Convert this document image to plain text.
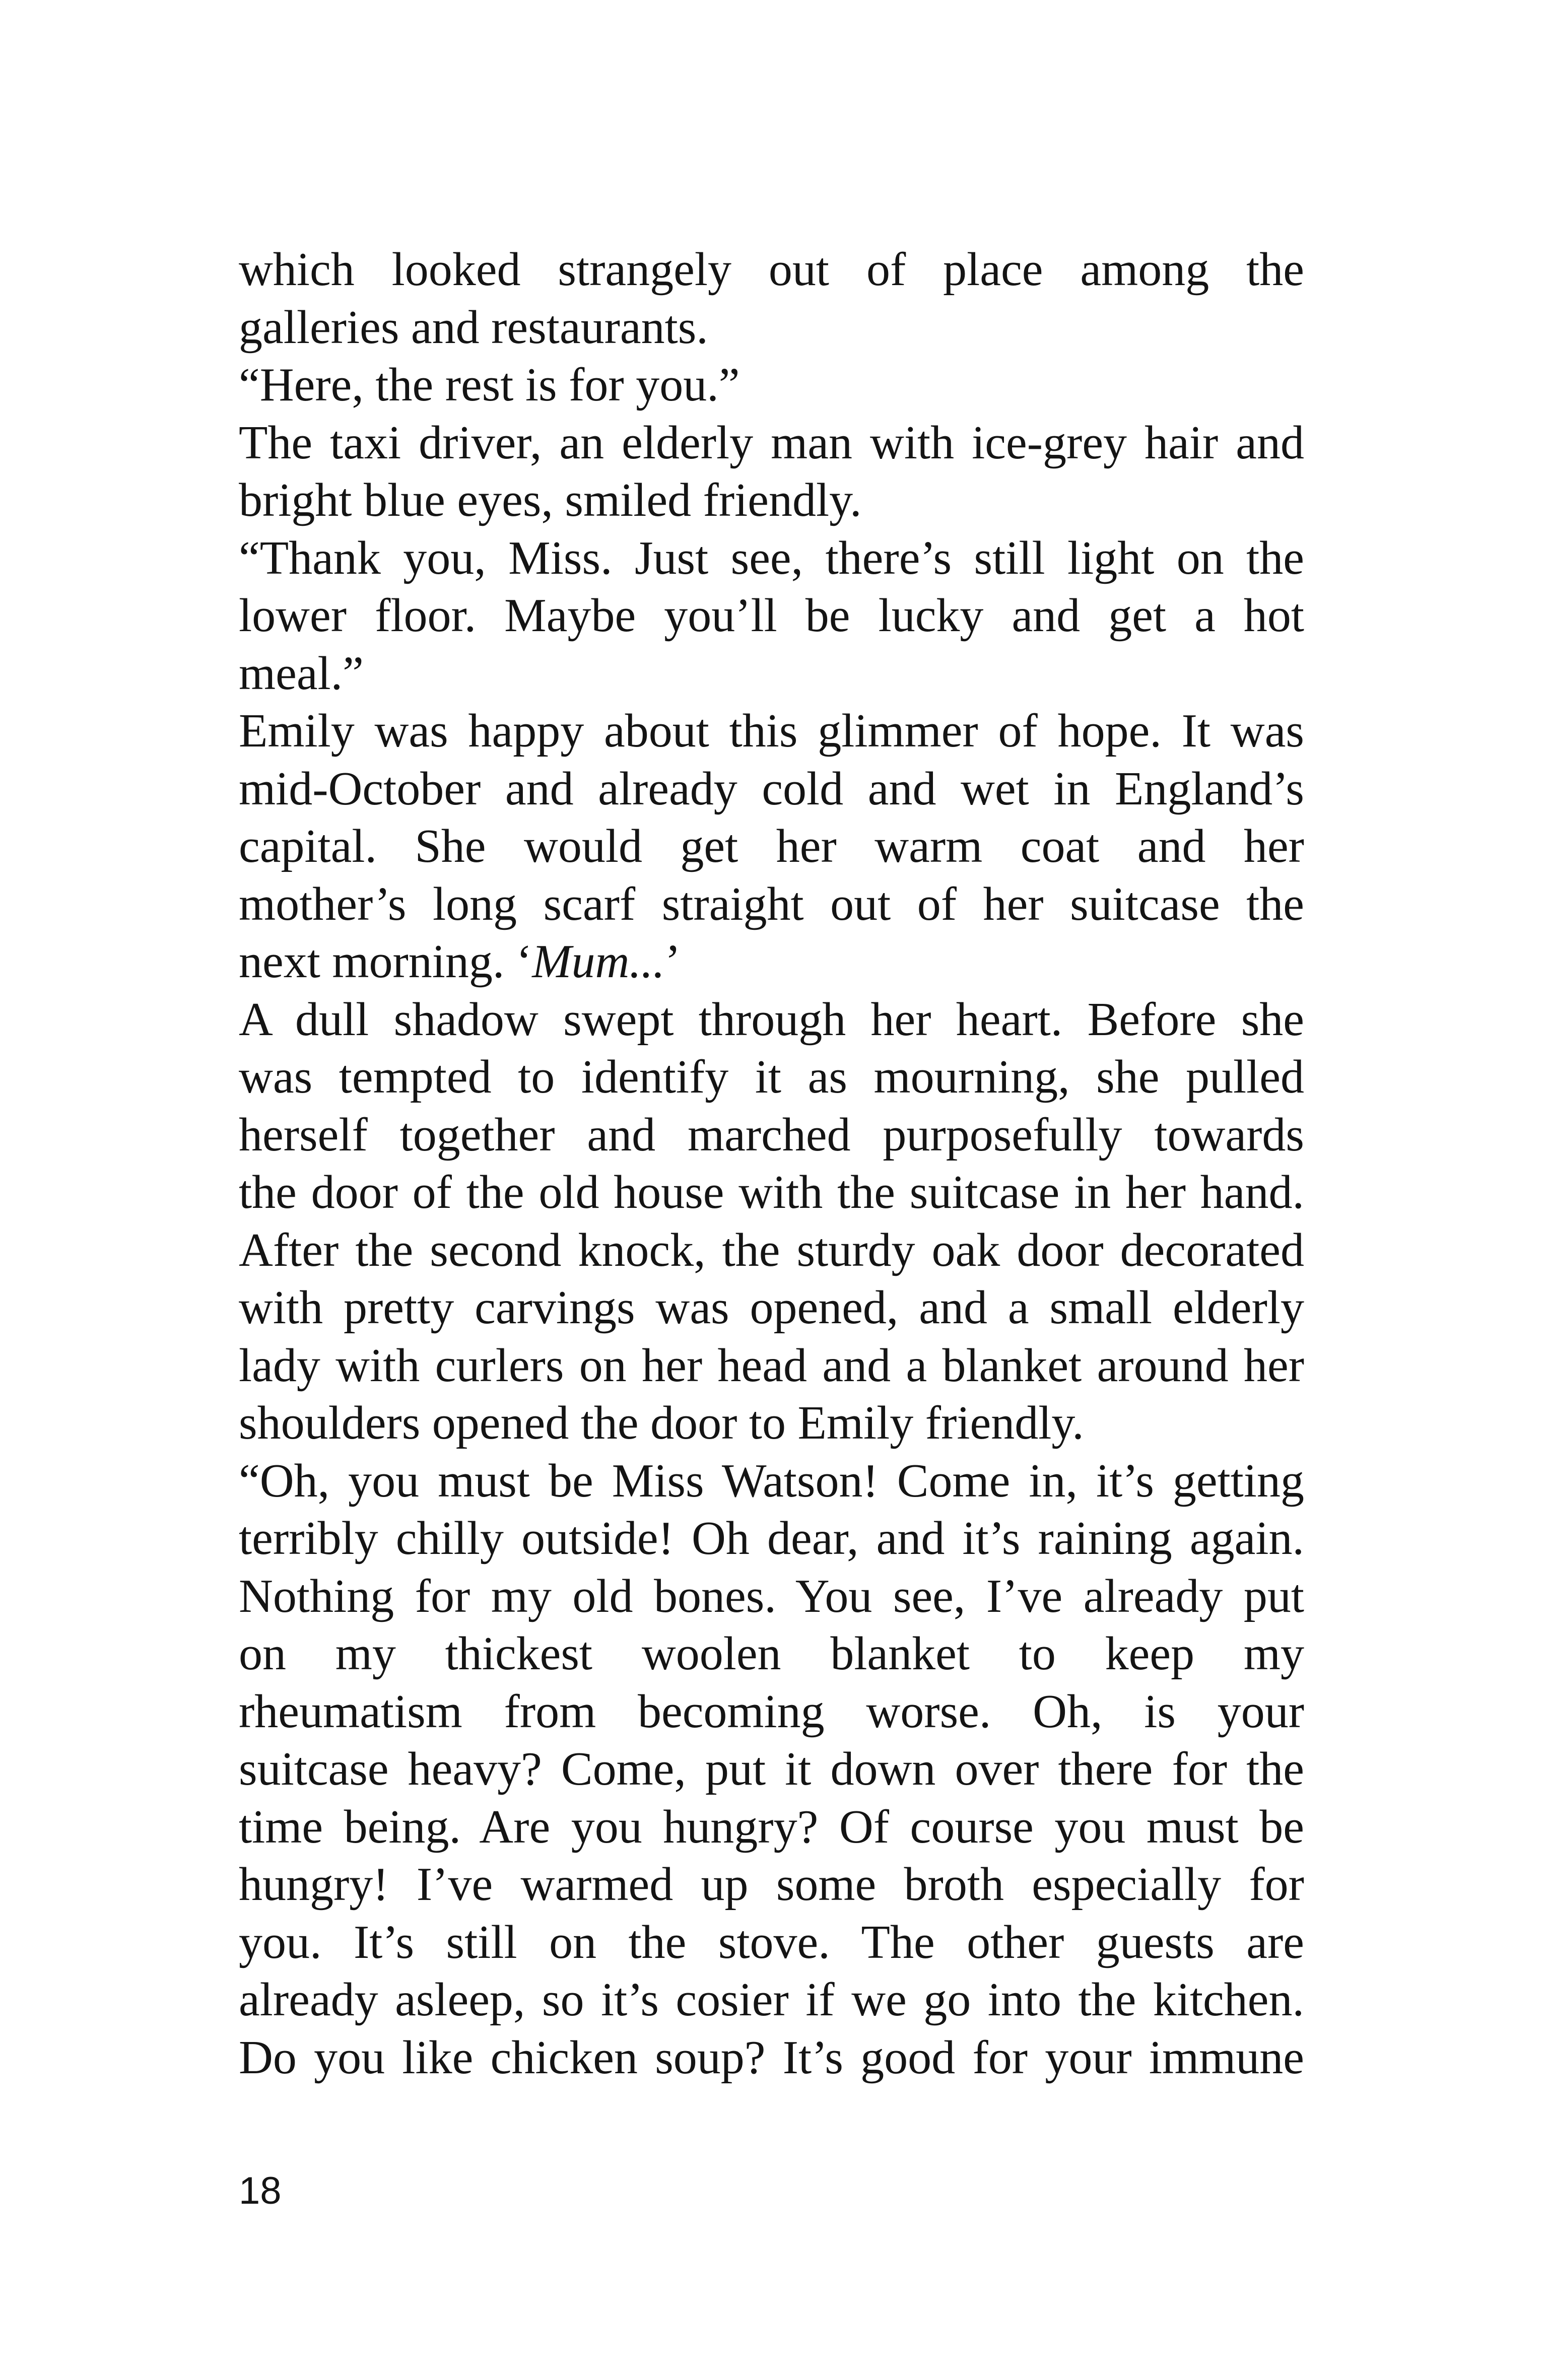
which looked strangely out of place among the
galleries and restaurants.
“Here, the rest is for you.”
The taxi driver, an elderly man with ice-grey hair and
bright blue eyes, smiled friendly.
“Thank you, Miss. Just see, there’s still light on the
lower floor. Maybe you’ll be lucky and get a hot
meal.”
Emily was happy about this glimmer of hope. It was
mid-October and already cold and wet in England’s
capital. She would get her warm coat and her
mother’s long scarf straight out of her suitcase the
next morning. ‘Mum...’
A dull shadow swept through her heart. Before she
was tempted to identify it as mourning, she pulled
herself together and marched purposefully towards
the door of the old house with the suitcase in her hand.
After the second knock, the sturdy oak door decorated
with pretty carvings was opened, and a small elderly
lady with curlers on her head and a blanket around her
shoulders opened the door to Emily friendly.
“Oh, you must be Miss Watson! Come in, it’s getting
terribly chilly outside! Oh dear, and it’s raining again.
Nothing for my old bones. You see, I’ve already put
on my thickest woolen blanket to keep my
rheumatism from becoming worse. Oh, is your
suitcase heavy? Come, put it down over there for the
time being. Are you hungry? Of course you must be
hungry! I’ve warmed up some broth especially for
you. It’s still on the stove. The other guests are
already asleep, so it’s cosier if we go into the kitchen.
Do you like chicken soup? It’s good for your immune
18
